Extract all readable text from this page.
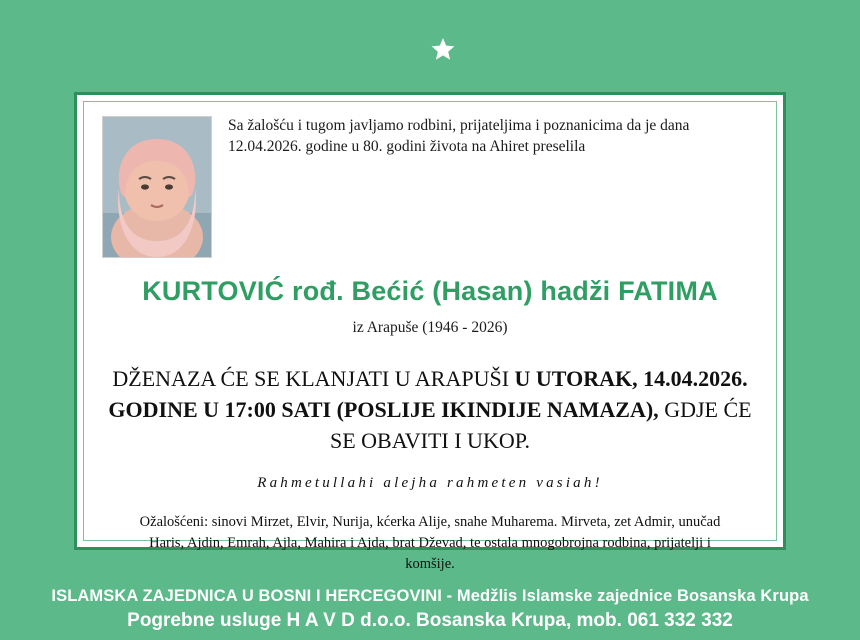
Sa žalošću i tugom javljamo rodbini, prijateljima i poznanicima da je dana 12.04.2026. godine u 80. godini života na Ahiret preselila
KURTOVIĆ rođ. Bećić (Hasan) hadži FATIMA
iz Arapuše (1946 - 2026)
DŽENAZA ĆE SE KLANJATI U ARAPUŠI U UTORAK, 14.04.2026. GODINE U 17:00 SATI (POSLIJE IKINDIJE NAMAZA), GDJE ĆE SE OBAVITI I UKOP.
Rahmetullahi alejha rahmeten vasiah!
Ožalošćeni: sinovi Mirzet, Elvir, Nurija, kćerka Alije, snahe Muharema. Mirveta, zet Admir, unučad Haris, Ajdin, Emrah, Ajla, Mahira i Ajda, brat Dževad, te ostala mnogobrojna rodbina, prijatelji i komšije.
ISLAMSKA ZAJEDNICA U BOSNI I HERCEGOVINI - Medžlis Islamske zajednice Bosanska Krupa
Pogrebne usluge H A V D d.o.o. Bosanska Krupa, mob. 061 332 332
